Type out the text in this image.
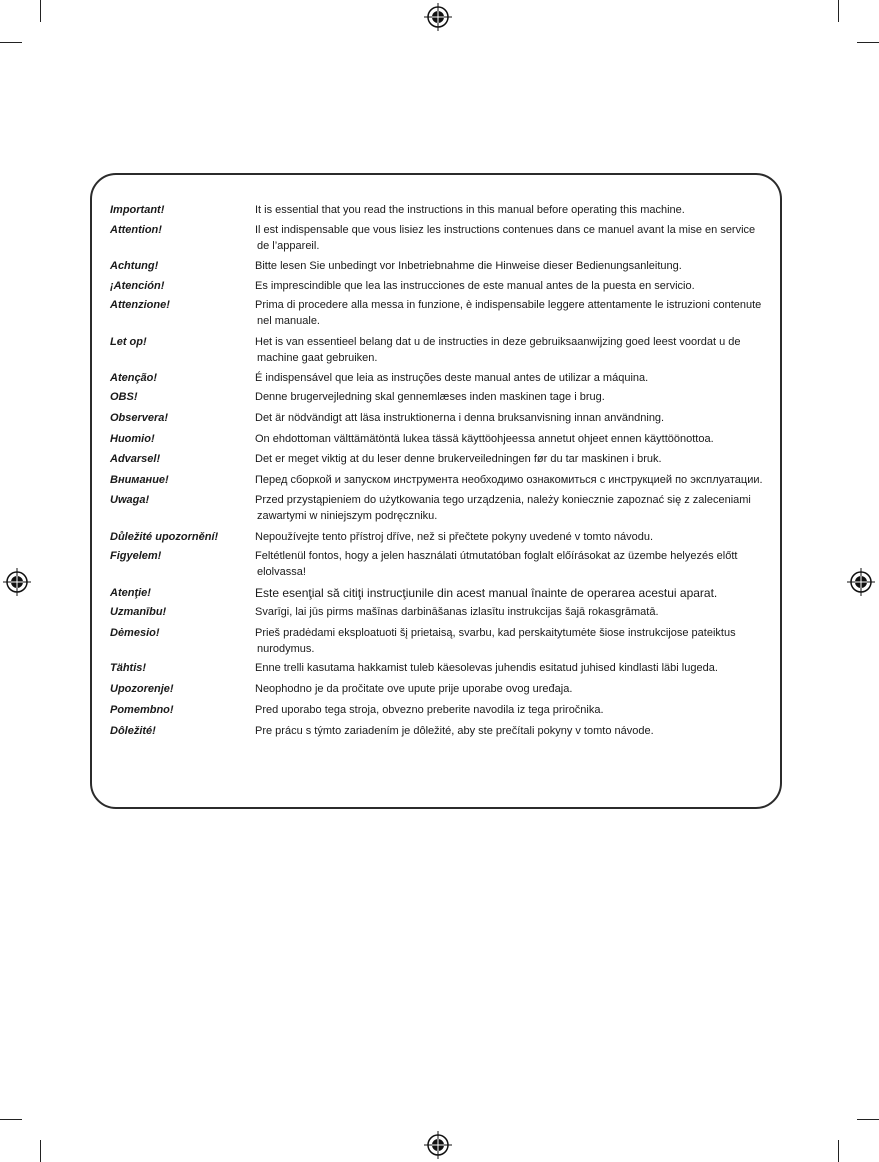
Important!	It is essential that you read the instructions in this manual before operating this machine.
Attention!	Il est indispensable que vous lisiez les instructions contenues dans ce manuel avant la mise en service
de l’appareil.
Achtung!	Bitte lesen Sie unbedingt vor Inbetriebnahme die Hinweise dieser Bedienungsanleitung.
¡Atención!	Es imprescindible que lea las instrucciones de este manual antes de la puesta en servicio.
Attenzione!	Prima di procedere alla messa in funzione, è indispensabile leggere attentamente le istruzioni contenute
nel manuale.
Let op!	Het is van essentieel belang dat u de instructies in deze gebruiksaanwijzing goed leest voordat u de
machine gaat gebruiken.
Atenção!	É indispensável que leia as instruções deste manual antes de utilizar a máquina.
OBS!	Denne brugervejledning skal gennemlæses inden maskinen tage i brug.
Observera!	Det är nödvändigt att läsa instruktionerna i denna bruksanvisning innan användning.
Huomio!	On ehdottoman välttämätöntä lukea tässä käyttöohjeessa annetut ohjeet ennen käyttöönottoa.
Advarsel!	Det er meget viktig at du leser denne brukerveiledningen før du tar maskinen i bruk.
Внимание!	Перед сборкой и запуском инструмента необходимо ознакомиться с инструкцией по эксплуатации.
Uwaga!	Przed przystąpieniem do użytkowania tego urządzenia, należy koniecznie zapoznać się z zaleceniami
zawartymi w niniejszym podręczniku.
Důležité upozornění!	Nepoužívejte tento přístroj dříve, než si přečtete pokyny uvedené v tomto návodu.
Figyelem!	Feltétlenül fontos, hogy a jelen használati útmutatóban foglalt előírásokat az üzembe helyezés előtt
elolvassa!
Atenţie!	Este esenţial să citiţi instrucţiunile din acest manual înainte de operarea acestui aparat.
Uzmanību!	Svarīgi, lai jūs pirms mašīnas darbināšanas izlasītu instrukcijas šajā rokasgrāmatā.
Dėmesio!	Prieš pradėdami eksploatuoti šį prietaisą, svarbu, kad perskaitytumėte šiose instrukcijose pateiktus
nurodymus.
Tähtis!	Enne trelli kasutama hakkamist tuleb käesolevas juhendis esitatud juhised kindlasti läbi lugeda.
Upozorenje!	Neophodno je da pročitate ove upute prije uporabe ovog uređaja.
Pomembno!	Pred uporabo tega stroja, obvezno preberite navodila iz tega priročnika.
Dôležité!	Pre prácu s týmto zariadením je dôležité, aby ste prečítali pokyny v tomto návode.
